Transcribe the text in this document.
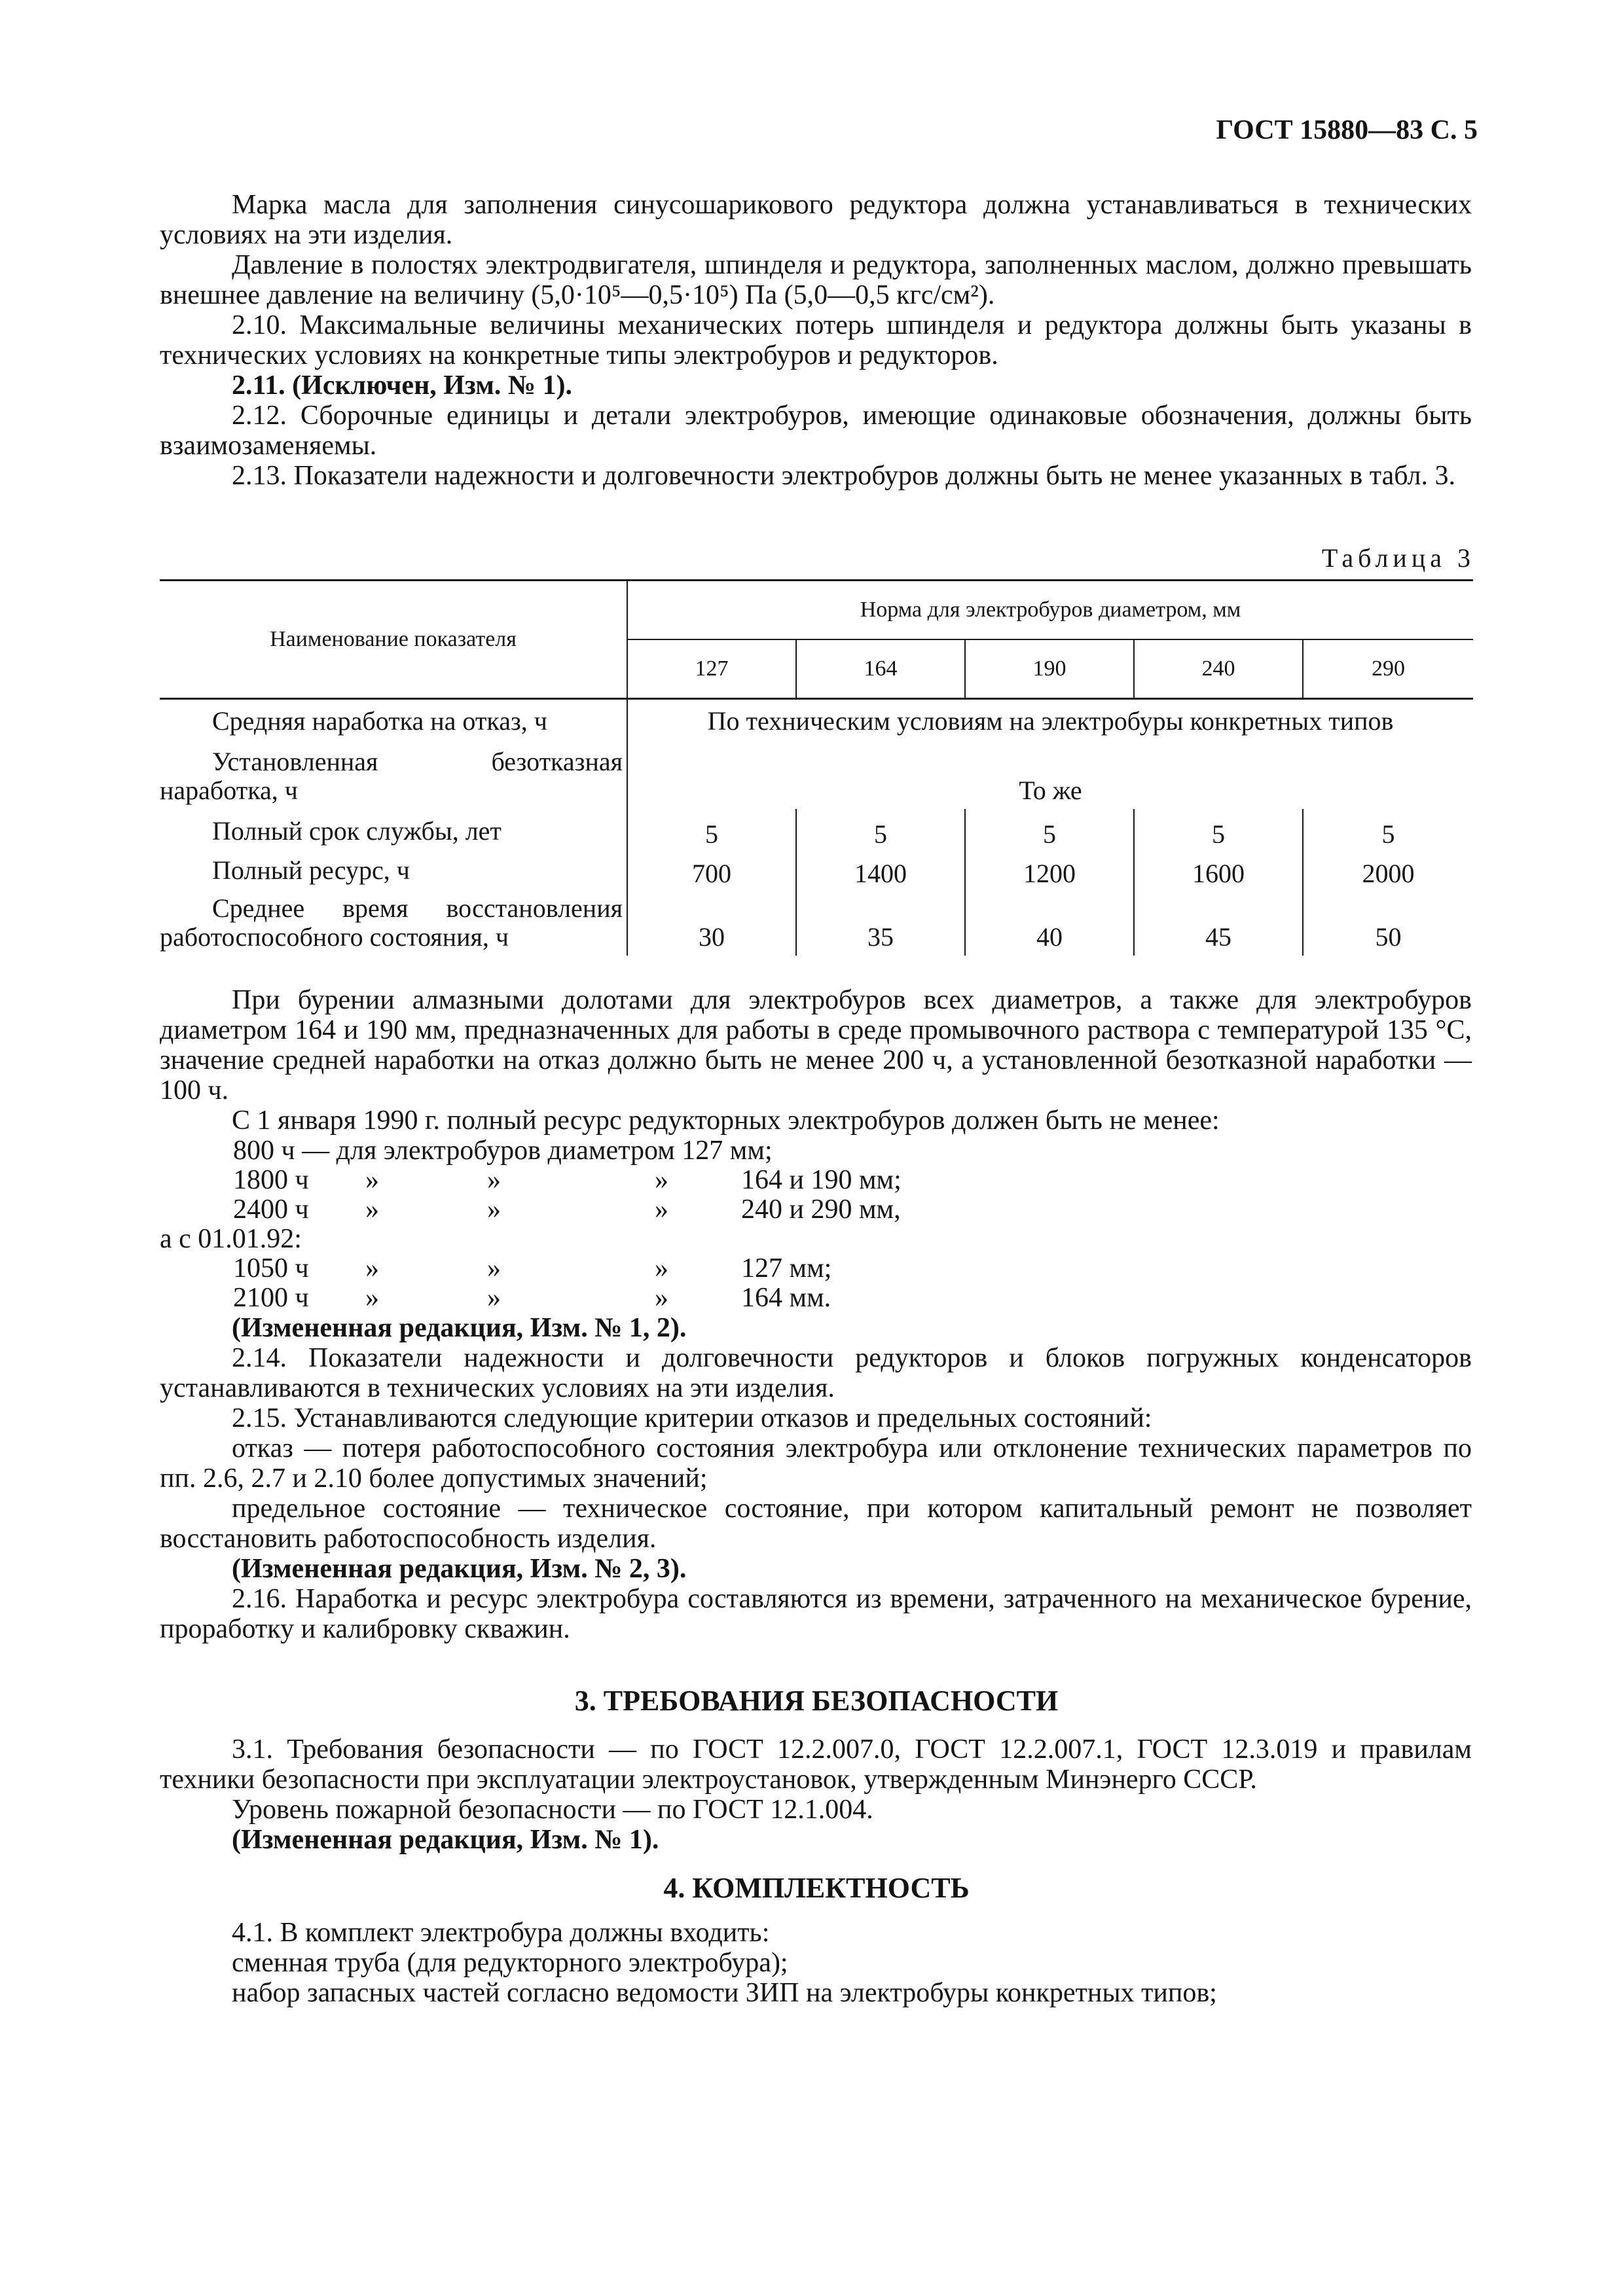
ГОСТ 15880—83 С. 5

Марка масла для заполнения синусошарикового редуктора должна устанавливаться в технических условиях на эти изделия.

Давление в полостях электродвигателя, шпинделя и редуктора, заполненных маслом, должно превышать внешнее давление на величину (5,0·10⁵—0,5·10⁵) Па (5,0—0,5 кгс/см²).

2.10. Максимальные величины механических потерь шпинделя и редуктора должны быть указаны в технических условиях на конкретные типы электробуров и редукторов.

2.11. (Исключен, Изм. № 1).

2.12. Сборочные единицы и детали электробуров, имеющие одинаковые обозначения, должны быть взаимозаменяемы.

2.13. Показатели надежности и долговечности электробуров должны быть не менее указанных в табл. 3.

Таблица 3
Наименование показателя	Норма для электробуров диаметром, мм				
	127	164	190	240	290

Средняя наработка на отказ, ч	По техническим условиям на электробуры конкретных типов				

Установленная безотказная наработка, ч	То же				

Полный срок службы, лет	5	5	5	5	5

Полный ресурс, ч	700	1400	1200	1600	2000

Среднее время восстановления работоспособного состояния, ч	30	35	40	45	50

При бурении алмазными долотами для электробуров всех диаметров, а также для электробуров диаметром 164 и 190 мм, предназначенных для работы в среде промывочного раствора с температурой 135 °С, значение средней наработки на отказ должно быть не менее 200 ч, а установленной безотказной наработки — 100 ч.

С 1 января 1990 г. полный ресурс редукторных электробуров должен быть не менее:

800 ч — для электробуров диаметром 127 мм;
1800 ч »	»	»	164 и 190 мм;
2400 ч »	»	»	240 и 290 мм,
а с 01.01.92:
1050 ч »	»	»	127 мм;
2100 ч »	»	»	164 мм.

(Измененная редакция, Изм. № 1, 2).

2.14. Показатели надежности и долговечности редукторов и блоков погружных конденсаторов устанавливаются в технических условиях на эти изделия.

2.15. Устанавливаются следующие критерии отказов и предельных состояний:

отказ — потеря работоспособного состояния электробура или отклонение технических параметров по пп. 2.6, 2.7 и 2.10 более допустимых значений;

предельное состояние — техническое состояние, при котором капитальный ремонт не позволяет восстановить работоспособность изделия.

(Измененная редакция, Изм. № 2, 3).

2.16. Наработка и ресурс электробура составляются из времени, затраченного на механическое бурение, проработку и калибровку скважин.

3. ТРЕБОВАНИЯ БЕЗОПАСНОСТИ

3.1. Требования безопасности — по ГОСТ 12.2.007.0, ГОСТ 12.2.007.1, ГОСТ 12.3.019 и правилам техники безопасности при эксплуатации электроустановок, утвержденным Минэнерго СССР.

Уровень пожарной безопасности — по ГОСТ 12.1.004.

(Измененная редакция, Изм. № 1).

4. КОМПЛЕКТНОСТЬ

4.1. В комплект электробура должны входить:

сменная труба (для редукторного электробура);

набор запасных частей согласно ведомости ЗИП на электробуры конкретных типов;
